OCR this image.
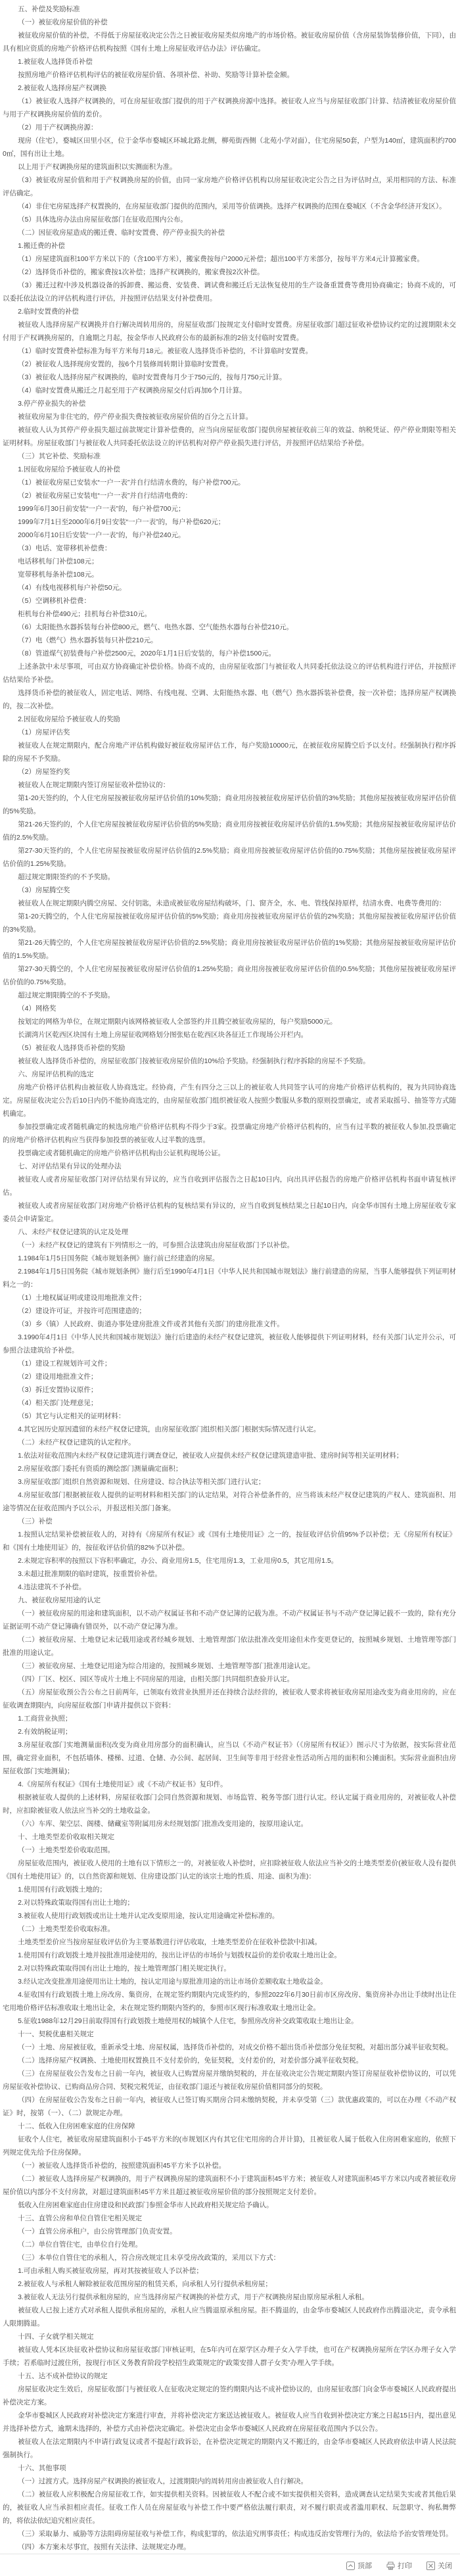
五、补偿及奖励标准

（一）被征收房屋价值的补偿

被征收房屋价值的补偿，不得低于房屋征收决定公告之日被征收房屋类似房地产的市场价格。被征收房屋价值（含房屋装饰装修价值，下同），由具有相应资质的房地产价格评估机构按照《国有土地上房屋征收评估办法》评估确定。

1.被征收人选择货币补偿

按照房地产价格评估机构评估的被征收房屋价值、各项补偿、补助、奖励等计算补偿金额。

2.被征收人选择房屋产权调换

（1）被征收人选择产权调换的，可在房屋征收部门提供的用于产权调换房源中选择。被征收人应当与房屋征收部门计算、结清被征收房屋价值与用于产权调换房屋价值的差价。

（2）用于产权调换房源：

现房（住宅），婺城区田里小区，位于金华市婺城区环城北路北侧，柳苑街西侧（北苑小学对面），住宅房屋50套，户型为140㎡，建筑面积约7000㎡，国有出让土地。

以上用于产权调换房屋的建筑面积以实测面积为准。

（3）被征收房屋价值和用于产权调换房屋的价值，由同一家房地产价格评估机构以房屋征收决定公告之日为评估时点，采用相同的方法、标准评估确定。

（4）非住宅房屋选择产权置换的，在房屋征收部门提供的范围内，采用等价值调换。选择产权调换的范围在婺城区（不含金华经济开发区）。

（5）具体选房办法由房屋征收部门在征收范围内公布。

（二）因征收房屋造成的搬迁费、临时安置费、停产停业损失的补偿

1.搬迁费的补偿

（1）房屋建筑面积100平方米以下的（含100平方米），搬家费按每户2000元补偿；超出100平方米部分，按每平方米4元计算搬家费。

（2）选择货币补偿的，搬家费按1次补偿；选择产权调换的，搬家费按2次补偿。

（3）搬迁过程中涉及机器设备的拆卸费、搬运费、安装费、调试费和搬迁后无法恢复使用的生产设备重置费等费用协商确定；协商不成的，可以委托依法设立的评估机构进行评估，并按照评估结果支付补偿费用。

2.临时安置费的补偿

被征收人选择房屋产权调换并自行解决周转用房的，房屋征收部门按规定支付临时安置费。房屋征收部门超过征收补偿协议约定的过渡期限未交付用于产权调换房屋的，自逾期之月起，按金华市人民政府公布的最新标准的2倍支付临时安置费。

（1）临时安置费补偿标准为每平方米每月18元。被征收人选择货币补偿的，不计算临时安置费。

（2）被征收人选择现房安置的，按6个月装修周转期计算临时安置费。

（3）被征收人选择房屋产权调换的，临时安置费每月少于750元的，按每月750元计算。

（4）临时安置费从搬迁之月起至用于产权调换房屋交付后再加6个月计算。

3.停产停业损失的补偿

被征收房屋为非住宅的，停产停业损失费按被征收房屋价值的百分之五计算。

被征收人认为其停产停业损失超过前款规定计算补偿费的，应当向房屋征收部门提供房屋被征收前三年的效益、纳税凭证、停产停业期限等相关证明材料。房屋征收部门与被征收人共同委托依法设立的评估机构对停产停业损失进行评估，并按照评估结果给予补偿。

（三）其它补偿、奖励标准

1.因征收房屋给予被征收人的补偿

（1）被征收房屋已安装水“一户一表”并自行结清水费的，每户补偿700元。

（2）被征收房屋已安装电“一户一表”并自行结清电费的：

1999年6月30日前安装“一户一表”的，每户补偿700元；

1999年7月1日至2000年6月9日安装“一户一表”的，每户补偿620元；

2000年6月10日后安装“一户一表”的，每户补偿240元。

（3）电话、宽带移机补偿费：

电话移机每门补偿108元；

宽带移机每条补偿108元。

（4）有线电视移机每户补偿50元。

（5）空调移机补偿费：

柜机每台补偿490元；挂机每台补偿310元。

（6）太阳能热水器拆装每台补偿800元，燃气、电热水器、空气能热水器每台补偿210元。

（7）电（燃气）热水器拆装每只补偿210元。

（8）管道煤气初装费每户补偿2500元，2020年1月1日后安装的，每户补偿1500元。

上述条款中未尽事项，可由双方协商确定补偿价格。协商不成的，由房屋征收部门与被征收人共同委托依法设立的评估机构进行评估，并按照评估结果给予补偿。

选择货币补偿的被征收人，固定电话、网络、有线电视、空调、太阳能热水器、电（燃气）热水器拆装补偿费，按一次补偿；选择房屋产权调换的，按二次补偿。

2.因征收房屋给予被征收人的奖励

（1）房屋评估奖

被征收人在规定期限内，配合房地产评估机构做好被征收房屋评估工作，每户奖励10000元，在被征收房屋腾空后予以支付。经强制执行程序拆除的房屋不予奖励。

（2）房屋签约奖

被征收人在规定期限内签订房屋征收补偿协议的：

第1-20天签约的，个人住宅房屋按被征收房屋评估价值的10%奖励；商业用房按被征收房屋评估价值的3%奖励；其他房屋按被征收房屋评估价值的5%奖励。

第21-26天签约的，个人住宅房屋按被征收房屋评估价值的5%奖励；商业用房按被征收房屋评估价值的1.5%奖励；其他房屋按被征收房屋评估价值的2.5%奖励。

第27-30天签约的，个人住宅房屋按被征收房屋评估价值的2.5%奖励；商业用房按被征收房屋评估价值的0.75%奖励；其他房屋按被征收房屋评估价值的1.25%奖励。

超过规定期限签约的不予奖励。

（3）房屋腾空奖

被征收人在规定期限内腾空房屋、交付钥匙，未造成被征收房屋结构破坏，门、窗齐全，水、电、管线保持原样，结清水费、电费等费用的：

第1-20天腾空的，个人住宅房屋按被征收房屋评估价值的5%奖励；商业用房按被征收房屋评估价值的2%奖励；其他房屋按被征收房屋评估价值的3%奖励。

第21-26天腾空的，个人住宅房屋按被征收房屋评估价值的2.5%奖励；商业用房按被征收房屋评估价值的1%奖励；其他房屋按被征收房屋评估价值的1.5%奖励。

第27-30天腾空的，个人住宅房屋按被征收房屋评估价值的1.25%奖励；商业用房按被征收房屋评估价值的0.5%奖励；其他房屋按被征收房屋评估价值的0.75%奖励。

超过规定期限腾空的不予奖励。

（4）网格奖

按划定的网格为单位，在规定期限内该网格被征收人全部签约并且腾空被征收房屋的，每户奖励5000元。

长湖湾片区乾西区块国有土地上房屋征收网格划分图张贴在乾西区块各征迁工作现场公开栏内。

（5）被征收人选择货币补偿的奖励

被征收人选择货币补偿的，房屋征收部门按被征收房屋价值的10%给予奖励。经强制执行程序拆除的房屋不予奖励。

六、房屋评估机构的选定

房地产价格评估机构由被征收人协商选定。经协商，产生有四分之三以上的被征收人共同签字认可的房地产价格评估机构的，视为共同协商选定。房屋征收决定公告后10日内仍不能协商选定的，由房屋征收部门组织被征收人按照少数服从多数的原则投票确定，或者采取摇号、抽签等方式随机确定。

参加投票确定或者随机确定的候选房地产价格评估机构不得少于3家。投票确定房地产价格评估机构的，应当有过半数的被征收人参加,投票确定的房地产价格评估机构应当获得参加投票的被征收人过半数的选票。

投票确定或者随机确定的房地产价格评估机构由公证机构现场公证。

七、对评估结果有异议的处理办法

被征收人或者房屋征收部门对评估结果有异议的，应当自收到评估报告之日起10日内，向出具评估报告的房地产价格评估机构书面申请复核评估。

被征收人或者房屋征收部门对房地产价格评估机构的复核结果有异议的，应当自收到复核结果之日起10日内，向金华市国有土地上房屋征收专家委员会申请鉴定。

八、未经产权登记建筑的认定及处理

（一）未经产权登记的建筑有下列情形之一的，可参照合法建筑由房屋征收部门予以补偿。

1.1984年1月5日国务院《城市规划条例》施行前已经建造的房屋。

2.1984年1月5日国务院《城市规划条例》施行后至1990年4月1日《中华人民共和国城市规划法》施行前建造的房屋，当事人能够提供下列证明材料之一的：

（1）土地权属证明或建设用地批准文件；

（2）建设许可证，并按许可范围建造的；

（3）乡（镇）人民政府、街道办事处建房批准文件或者其他有关部门的建房批准文件。

3.1990年4月1日《中华人民共和国城市规划法》施行后建造的未经产权登记建筑，被征收人能够提供下列证明材料，经有关部门认定并公示，可参照合法建筑给予补偿。

（1）建设工程规划许可文件；

（2）建设用地批准文件；

（3）拆迁安置协议原件；

（4）相关部门处理意见；

（5）其它与认定相关的证明材料：

4.其它因历史原因遗留的未经产权登记建筑，由房屋征收部门组织相关部门根据实际情况进行认定。

（二）未经产权登记建筑的认定程序。

1.依法对征收范围内未经产权登记建筑进行调查登记，被征收人应提供未经产权登记建筑建造审批、建房时间等相关证明材料；

2.房屋征收部门委托有资质的测绘部门测量确定面积；

3.房屋征收部门组织自然资源和规划、住房建设、综合执法等相关部门进行认定；

4.房屋征收部门根据被征收人提供的证明材料和相关部门的认定结果，对符合补偿条件的，应当将该未经产权登记建筑的产权人、建筑面积、用途等情况在征收范围内予以公示，并报送相关部门备案。

（三）补偿

1.按照认定结果补偿被征收人的，对持有《房屋所有权证》或《国有土地使用证》之一的，按征收评估价值95%予以补偿；无《房屋所有权证》和《国有土地使用证》的，按征收评估价值的82%予以补偿。

2.未规定容积率的按照以下容积率确定，办公、商业用房1.5，住宅用房1.3，工业用房0.5，其它用房1.5。

3.未超过批准期限的临时建筑，按重置价补偿。

4.违法建筑不予补偿。

九、被征收房屋用途的认定

（一）被征收房屋的用途和建筑面积，以不动产权属证书和不动产登记簿的记载为准。不动产权属证书与不动产登记簿记载不一致的，除有充分证据证明不动产登记簿确有错误外，以不动产登记簿为准。

（二）被征收房屋、土地登记未记载用途或者经城乡规划、土地管理部门依法批准改变用途但未作变更登记的，按照城乡规划、土地管理等部门批准的用途认定。

（三）被征收房屋、土地登记用途为综合用途的，按照城乡规划、土地管理等部门批准用途认定。

（四）厂区、校区、园区等成片土地上不同房屋的用途，由相关部门共同组织查验并认定。

（五）房屋征收预公告公布之日前两年，已领取有效营业执照并还在持续合法经营的，被征收人要求将被征收房屋用途改变为商业用房的，应在征收调查期限内，向房屋征收部门申请并提供以下资料：

1.工商营业执照；

2.有效纳税证明；

3.房屋征收部门实地测量面积(改变为商业用房部分的面积确认，应当以《不动产权证书》（《房屋所有权证》）图示尺寸为依据，按实际营业范围，确定营业面积，不包括墙体、楼梯、过道、仓储、办公间、起居间、卫生间等非用于经营业性活动所占用的面积和公摊面积。实际营业面积由房屋征收部门实地测量)；

4.《房屋所有权证》《国有土地使用证》或《不动产权证书》复印件。

根据被征收人提供的上述材料，房屋征收部门会同自然资源和规划、市场监管、税务等部门进行认定。经认定属于商业用房的，对被征收人补偿时，应扣除被征收人依法应当补交的土地收益金。

（六）车库、架空层、阁楼、储藏室等附属用房未经规划部门批准改变用途的，按原用途认定。

十、土地类型差价收取相关规定

（一）土地类型差价收取范围。

房屋征收范围内，被征收人使用的土地有以下情形之一的，对被征收人补偿时，应扣除被征收人依法应当补交的土地类型差价(被征收人没有提供《国有土地使用证》的，以自然资源和规划、住房建设部门认定的该宗土地的性质、用途、面积为准)：

1.使用国有行政划拨土地的；

2.对以特殊政策取得国有出让土地的；

3.被征收人使用行政划拨或出让土地并认定改变原用途，按认定用途确定补偿标准的。

（二）土地类型差价收取标准。

土地类型差价应当按房屋征收评估价为主要基数进行评估收取，土地类型差价在征收补偿款中扣减。

1.使用国有行政划拨土地并按批准用途使用的，按出让评估的市场价与划拨权益价的差价收取土地出让金。

2.对以特殊政策取得国有出让土地的，按土地管理部门相关规定执行。

3.经认定改变批准用途使用出让土地的，按认定用途与原批准用途的出让市场价差额收取土地收益金。

4.征收国有行政划拨土地上房改房、集资房，在规定签约期限内完成签约的，参照2022年6月30日前市区房改房、集资房补办出让手续时出让住宅用地价格评估标准收取土地出让金，未在规定签约期限内签约的，参照市区现行标准收取土地出让金。

5.征收1988年12月29日前取得国有行政划拨土地使用权的城镇个人住宅，参照房改房补交政策收取土地出让金。

十一、契税优惠相关规定

（一）土地、房屋被征收，重新承受土地、房屋权属，选择货币补偿的，对成交价格不超出货币补偿部分免征契税，对超出部分减半征收契税。

（二）选择房屋产权调换、土地使用权置换且不支付差价的，免征契税，支付差价的，对差价部分减半征收契税。

（三）在房屋征收公告发布之日前一年内，被征收人已购置房屋并缴纳契税的，并在征收决定公告规定期限内签订房屋征收补偿协议的，可以凭房屋征收补偿协议、已购商品房合同、契税完税凭证，由征收部门退还与被征收房屋价值相同部分的契税。

（四）在房屋征收公告发布之日前一年内，被征收人已签订购买期房合同未缴纳契税，并未享受第（三）款优惠政策的，可以在办理《不动产权证》时，按第（一）、（二）款规定办理。

十二、低收入住房困难家庭的住房保障

征收个人住宅，被征收房屋建筑面积小于45平方米的(市规划区内有其它住宅用房的合并计算)，且被征收人属于低收入住房困难家庭的，依照下列规定优先给予住房保障。

（一）被征收人选择货币补偿的，按照建筑面积45平方米予以补偿。

（二）被征收人选择房屋产权调换的，用于产权调换房屋的建筑面积不小于建筑面积45平方米；被征收人对建筑面积45平方米以内或者被征收房屋价值以内部分不支付房款，对超过建筑面积45平方米且超过被征收房屋价值的部分按照规定支付差价。

低收入住房困难家庭由住房建设和民政部门参照金华市人民政府相关规定给予确认。

十三、直管公房和单位自管住宅相关规定

（一）直管公房承租户，由公房管理部门负责安置。

（二）单位自管住宅，由单位自行处理。

（三）本单位自管住宅的承租人，符合房改规定且未享受房改政策的，采用以下方式：

1.可由承租人购买被征收房屋，再对其按被征收人予以补偿；

2.被征收人与承租人解除被征收范围房屋的租赁关系，向承租人另行提供承租房屋；

3.被征收人无法另行提供承租房屋的，应当选择房屋产权调换的补偿方式，用于产权调换房屋由原房屋承租人承租。

被征收人已按上述方式对承租人提供承租房屋的，承租人应当腾退原承租房屋。拒不腾退的，由金华市婺城区人民政府作出腾退决定，责令承租人限期腾退。

十四、子女就学相关规定

被征收人凭本区块征收补偿协议和房屋征收部门审核证明，在5年内可在原学区办理子女入学手续，也可在产权调换房屋所在学区办理子女入学手续；若系临时过渡住所，按现行市区义务教育阶段学校招生政策规定的“政策安排人群子女类”办理入学手续。

十五、达不成补偿协议的规定

房屋征收决定生效后，房屋征收部门与被征收人在征收决定规定的签约期限内达不成补偿协议的，由房屋征收部门向金华市婺城区人民政府提出补偿决定方案。

金华市婺城区人民政府对补偿决定方案进行审查，并将补偿决定方案送达被征收人。被征收人应当自收到补偿决定方案之日起15日内，提出意见并选择补偿方式，逾期未选择的，补偿方式由补偿决定确定。补偿决定由金华市婺城区人民政府在房屋征收范围内予以公告。

被征收人在法定期限内不申请行政复议或者不提起行政诉讼，在补偿决定规定的期限内又不搬迁的，由金华市婺城区人民政府依法申请人民法院强制执行。

十六、其他事项

（一）过渡方式。选择房屋产权调换的被征收人，过渡期限内的周转用房由被征收人自行解决。

（二）被征收人应积极配合房屋征收工作，如实提供相关资料。因被征收人不配合或不如实提供相关资料，造成调查认定结果失实或者其他后果的，被征收人应当承担相应责任。征收工作人员在房屋征收与补偿工作中要严格依法履行职责，对不履行职责或者滥用职权、玩忽职守、徇私舞弊的，将依法依纪追究相应责任。

（三）采取暴力、威胁等方法阻碍房屋征收与补偿工作，构成犯罪的，依法追究刑事责任；构成违反治安管理行为的，依法给予治安管理处罚。

（四）本方案未尽事宜，按照有关法律、法规规定办理。

顶部	打印	关闭
